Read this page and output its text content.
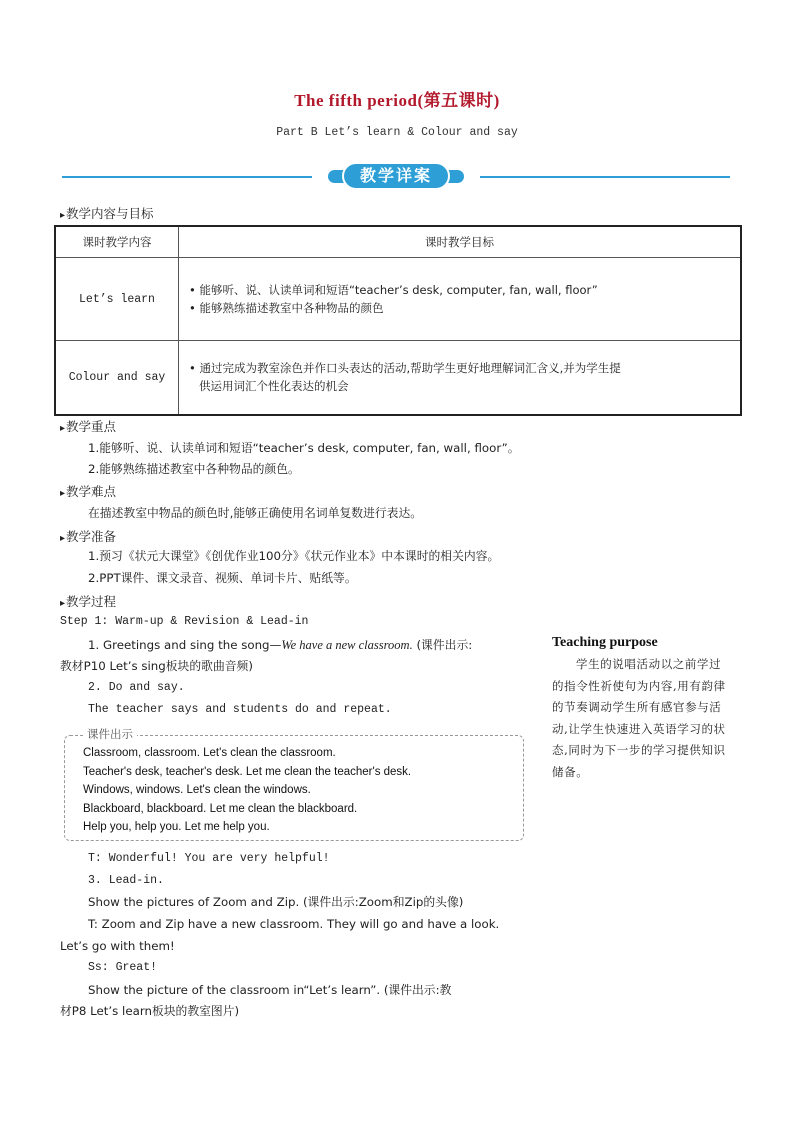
The fifth period(第五课时)
Part B Let’s learn & Colour and say
教学详案
▸ 教学内容与目标
课时教学内容	课时教学目标
Let’s learn	• 能够听、说、认读单词和短语“teacher’s desk, computer, fan, wall, floor”
• 能够熟练描述教室中各种物品的颜色

Colour and say	• 通过完成为教室涂色并作口头表达的活动,帮助学生更好地理解词汇含义,并为学生提
供运用词汇个性化表达的机会
▸ 教学重点
1.能够听、说、认读单词和短语“teacher’s desk, computer, fan, wall, floor”。
2.能够熟练描述教室中各种物品的颜色。
▸ 教学难点
在描述教室中物品的颜色时,能够正确使用名词单复数进行表达。
▸ 教学准备
1.预习《状元大课堂》《创优作业100分》《状元作业本》中本课时的相关内容。
2.PPT课件、课文录音、视频、单词卡片、贴纸等。
▸ 教学过程
Step 1: Warm-up & Revision & Lead-in
1. Greetings and sing the song—We have a new classroom. (课件出示:
教材P10 Let’s sing板块的歌曲音频)
2. Do and say.
The teacher says and students do and repeat.
课件出示
Classroom, classroom. Let's clean the classroom.
Teacher's desk, teacher's desk. Let me clean the teacher's desk.
Windows, windows. Let's clean the windows.
Blackboard, blackboard. Let me clean the blackboard.
Help you, help you. Let me help you.
T: Wonderful! You are very helpful!
3. Lead-in.
Show the pictures of Zoom and Zip. (课件出示:Zoom和Zip的头像)
T: Zoom and Zip have a new classroom. They will go and have a look.
Let’s go with them!
Ss: Great!
Show the picture of the classroom in“Let’s learn”. (课件出示:教
材P8 Let’s learn板块的教室图片)
Teaching purpose
学生的说唱活动以之前学过的指令性祈使句为内容,用有韵律的节奏调动学生所有感官参与活动,让学生快速进入英语学习的状态,同时为下一步的学习提供知识储备。
